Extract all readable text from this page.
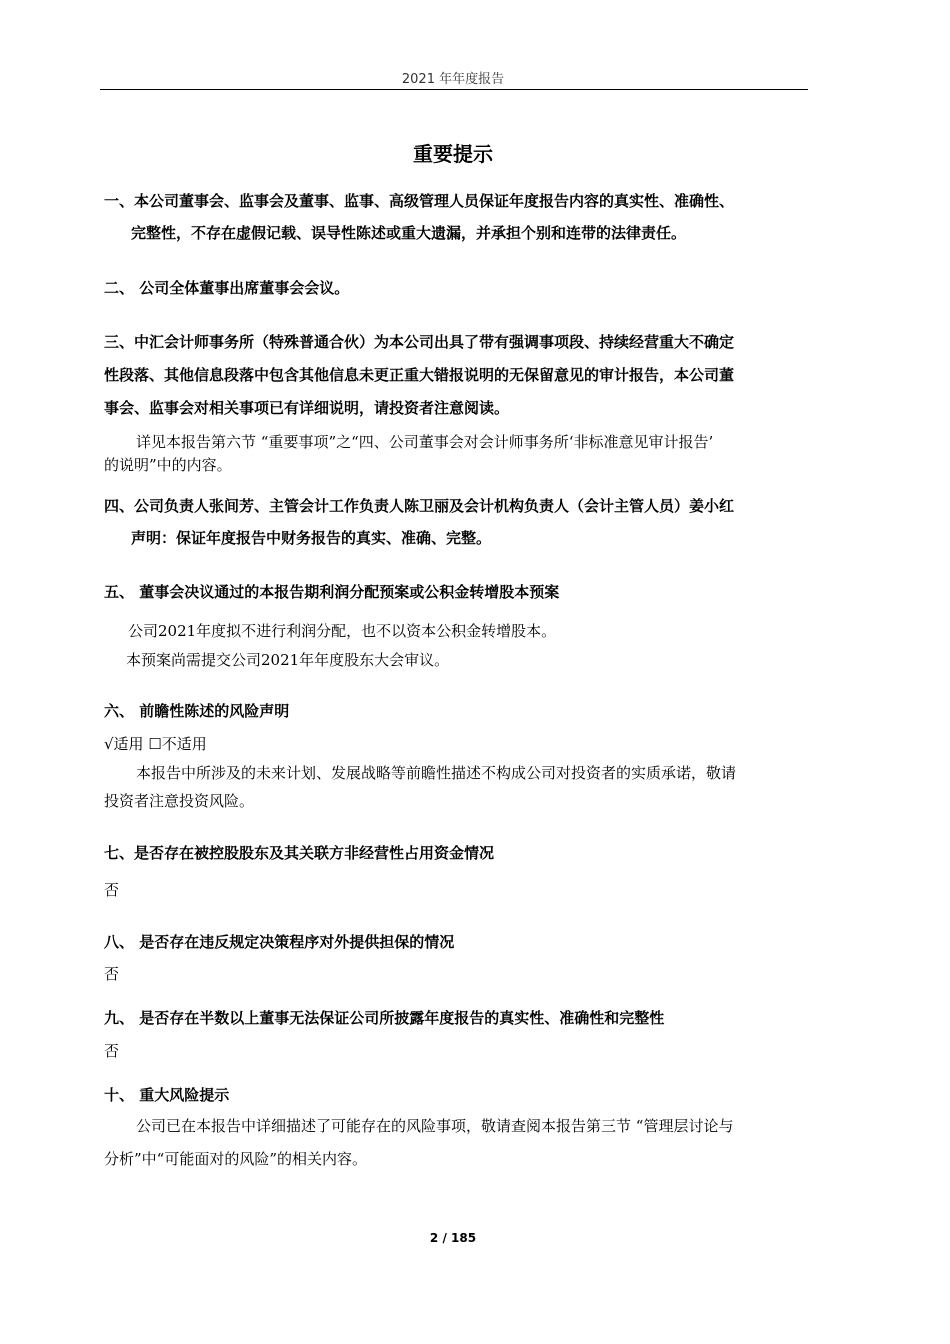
2021 年年度报告
重要提示
一、本公司董事会、监事会及董事、监事、高级管理人员保证年度报告内容的真实性、准确性、
完整性，不存在虚假记载、误导性陈述或重大遗漏，并承担个别和连带的法律责任。
二、 公司全体董事出席董事会会议。
三、中汇会计师事务所（特殊普通合伙）为本公司出具了带有强调事项段、持续经营重大不确定
性段落、其他信息段落中包含其他信息未更正重大错报说明的无保留意见的审计报告，本公司董
事会、监事会对相关事项已有详细说明，请投资者注意阅读。
详见本报告第六节 “重要事项”之“四、公司董事会对会计师事务所‘非标准意见审计报告’
的说明”中的内容。
四、公司负责人张间芳、主管会计工作负责人陈卫丽及会计机构负责人（会计主管人员）姜小红
声明：保证年度报告中财务报告的真实、准确、完整。
五、 董事会决议通过的本报告期利润分配预案或公积金转增股本预案
公司2021年度拟不进行利润分配，也不以资本公积金转增股本。
本预案尚需提交公司2021年年度股东大会审议。
六、 前瞻性陈述的风险声明
√适用 ☐不适用
本报告中所涉及的未来计划、发展战略等前瞻性描述不构成公司对投资者的实质承诺，敬请
投资者注意投资风险。
七、是否存在被控股股东及其关联方非经营性占用资金情况
否
八、 是否存在违反规定决策程序对外提供担保的情况
否
九、 是否存在半数以上董事无法保证公司所披露年度报告的真实性、准确性和完整性
否
十、 重大风险提示
公司已在本报告中详细描述了可能存在的风险事项，敬请查阅本报告第三节 “管理层讨论与
分析”中“可能面对的风险”的相关内容。
2 / 185
